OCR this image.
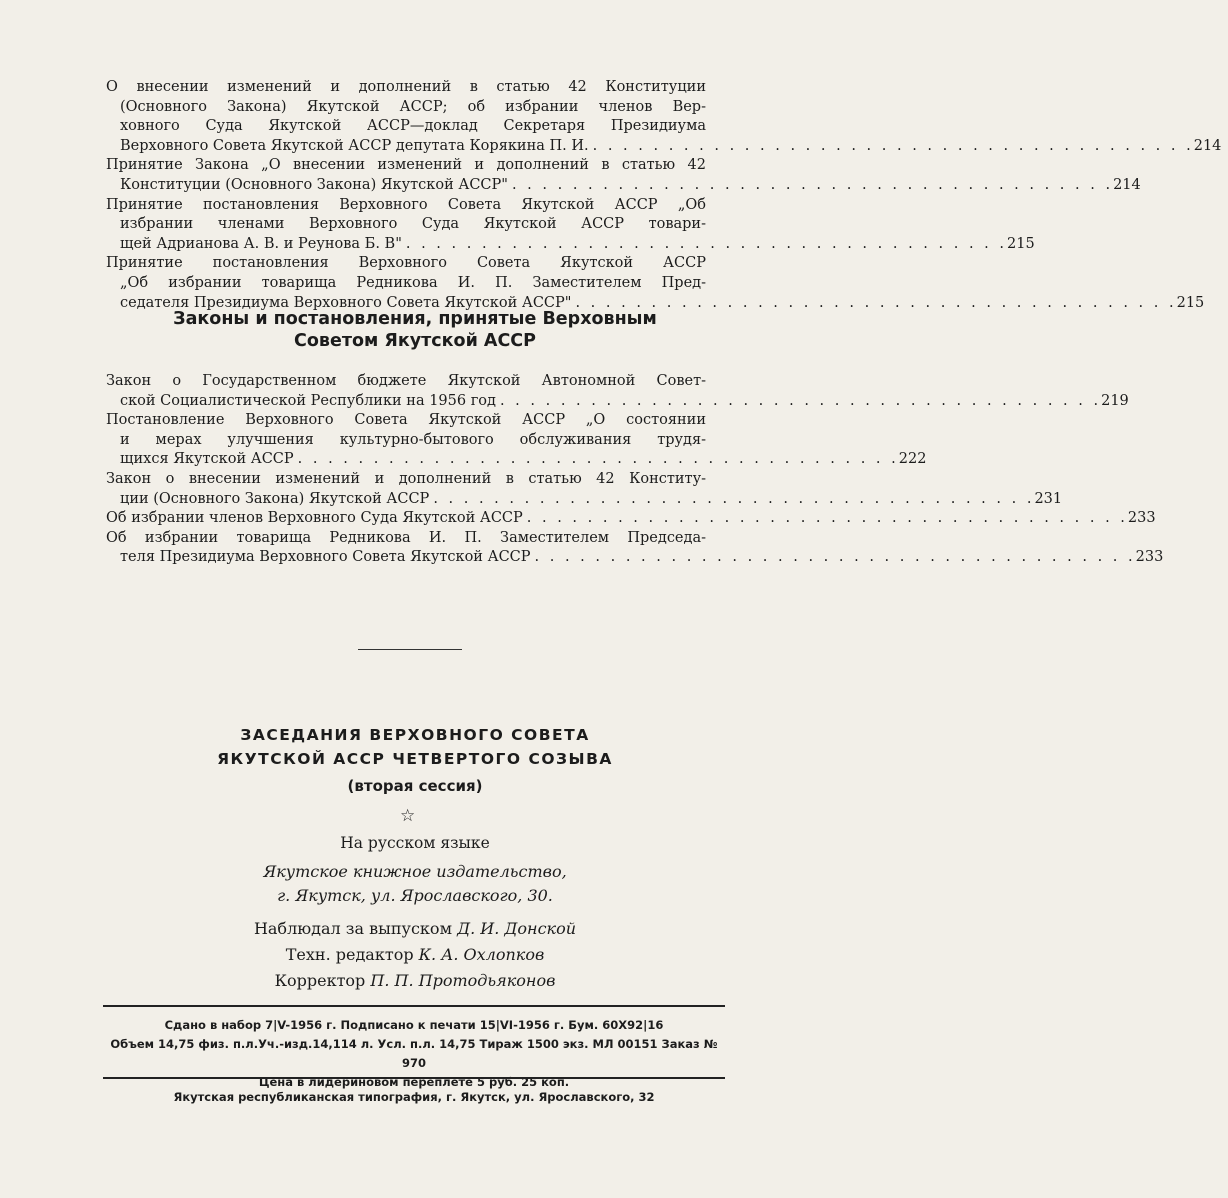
О внесении изменений и дополнений в статью 42 Конституции
(Основного Закона) Якутской АССР; об избрании членов Вер-
ховного Суда Якутской АССР—доклад Секретаря Президиума
Верховного Совета Якутской АССР депутата Корякина П. И. . . . . . . . . . . . . . . . . . . . . . . . . . . . . . . . . . . . . . . . . 214
Принятие Закона „О внесении изменений и дополнений в статью 42
Конституции (Основного Закона) Якутской АССР" . . . . . . . . . . . . . . . . . . . . . . . . . . . . . . . . . . . . . . . . 214
Принятие постановления Верховного Совета Якутской АССР „Об
избрании членами Верховного Суда Якутской АССР товари-
щей Адрианова А. В. и Реунова Б. В" . . . . . . . . . . . . . . . . . . . . . . . . . . . . . . . . . . . . . . . . 215
Принятие постановления Верховного Совета Якутской АССР
„Об избрании товарища Редникова И. П. Заместителем Пред-
седателя Президиума Верховного Совета Якутской АССР" . . . . . . . . . . . . . . . . . . . . . . . . . . . . . . . . . . . . . . . . 215
Законы и постановления, принятые Верховным
Советом Якутской АССР
Закон о Государственном бюджете Якутской Автономной Совет-
ской Социалистической Республики на 1956 год . . . . . . . . . . . . . . . . . . . . . . . . . . . . . . . . . . . . . . . . 219
Постановление Верховного Совета Якутской АССР „О состоянии
и мерах улучшения культурно-бытового обслуживания трудя-
щихся Якутской АССР . . . . . . . . . . . . . . . . . . . . . . . . . . . . . . . . . . . . . . . . 222
Закон о внесении изменений и дополнений в статью 42 Конститу-
ции (Основного Закона) Якутской АССР . . . . . . . . . . . . . . . . . . . . . . . . . . . . . . . . . . . . . . . . 231
Об избрании членов Верховного Суда Якутской АССР . . . . . . . . . . . . . . . . . . . . . . . . . . . . . . . . . . . . . . . . 233
Об избрании товарища Редникова И. П. Заместителем Председа-
теля Президиума Верховного Совета Якутской АССР . . . . . . . . . . . . . . . . . . . . . . . . . . . . . . . . . . . . . . . . 233
ЗАСЕДАНИЯ ВЕРХОВНОГО СОВЕТА
ЯКУТСКОЙ АССР ЧЕТВЕРТОГО СОЗЫВА
(вторая сессия)
☆
На русском языке
Якутское книжное издательство,
г. Якутск, ул. Ярославского, 30.
Наблюдал за выпуском Д. И. Донской
Техн. редактор К. А. Охлопков
Корректор П. П. Протодьяконов
Сдано в набор 7|V-1956 г. Подписано к печати 15|VI-1956 г. Бум. 60Х92|16
Объем 14,75 физ. п.л.Уч.-изд.14,114 л. Усл. п.л. 14,75 Тираж 1500 экз. МЛ 00151 Заказ № 970
Цена в лидериновом переплете 5 руб. 25 коп.
Якутская республиканская типография, г. Якутск, ул. Ярославского, 32
